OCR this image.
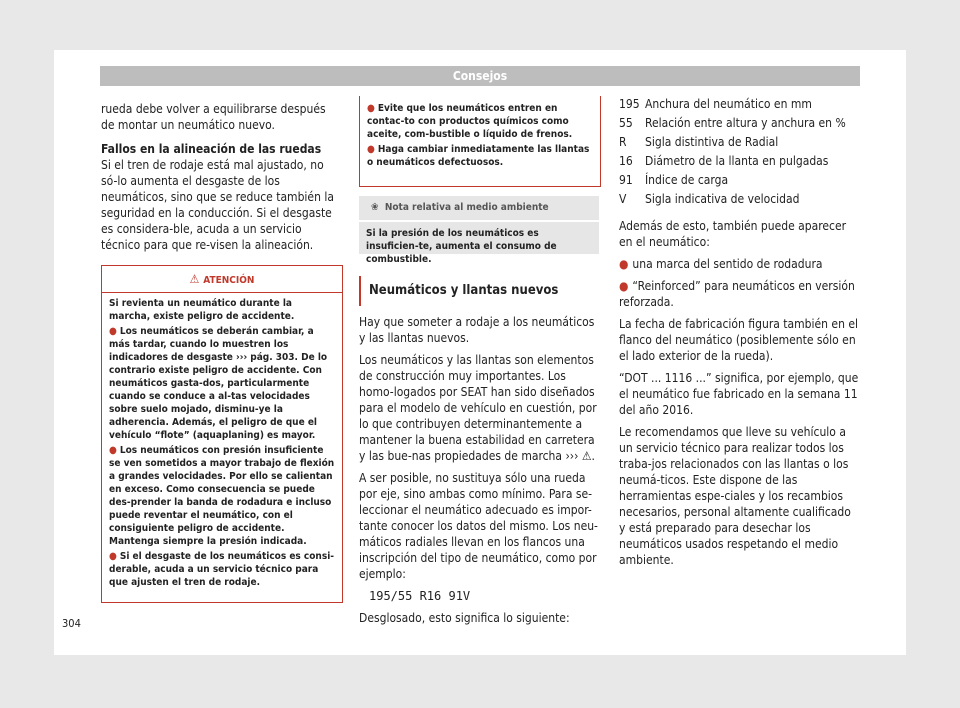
Consejos

rueda debe volver a equilibrarse después de montar un neumático nuevo.

Fallos en la alineación de las ruedas

Si el tren de rodaje está mal ajustado, no só-lo aumenta el desgaste de los neumáticos, sino que se reduce también la seguridad en la conducción. Si el desgaste es considera-ble, acuda a un servicio técnico para que re-visen la alineación.

⚠ ATENCIÓN

Si revienta un neumático durante la marcha, existe peligro de accidente.

● Los neumáticos se deberán cambiar, a más tardar, cuando lo muestren los indicadores de desgaste ››› pág. 303. De lo contrario existe peligro de accidente. Con neumáticos gasta-dos, particularmente cuando se conduce a al-tas velocidades sobre suelo mojado, disminu-ye la adherencia. Además, el peligro de que el vehículo “flote” (aquaplaning) es mayor.

● Los neumáticos con presión insuficiente se ven sometidos a mayor trabajo de flexión a grandes velocidades. Por ello se calientan en exceso. Como consecuencia se puede des-prender la banda de rodadura e incluso puede reventar el neumático, con el consiguiente peligro de accidente. Mantenga siempre la presión indicada.

● Si el desgaste de los neumáticos es consi-derable, acuda a un servicio técnico para que ajusten el tren de rodaje.

● Evite que los neumáticos entren en contac-to con productos químicos como aceite, com-bustible o líquido de frenos.

● Haga cambiar inmediatamente las llantas o neumáticos defectuosos.

❀ Nota relativa al medio ambiente
Si la presión de los neumáticos es insuficien-te, aumenta el consumo de combustible.
Neumáticos y llantas nuevos

Hay que someter a rodaje a los neumáticos y las llantas nuevos.

Los neumáticos y las llantas son elementos de construcción muy importantes. Los homo-logados por SEAT han sido diseñados para el modelo de vehículo en cuestión, por lo que contribuyen determinantemente a mantener la buena estabilidad en carretera y las bue-nas propiedades de marcha ››› ⚠.

A ser posible, no sustituya sólo una rueda por eje, sino ambas como mínimo. Para se-leccionar el neumático adecuado es impor-tante conocer los datos del mismo. Los neu-máticos radiales llevan en los flancos una inscripción del tipo de neumático, como por ejemplo:

195/55 R16 91V

Desglosado, esto significa lo siguiente:

195	Anchura del neumático en mm
55	Relación entre altura y anchura en %
R	Sigla distintiva de Radial
16	Diámetro de la llanta en pulgadas
91	Índice de carga
V	Sigla indicativa de velocidad

Además de esto, también puede aparecer en el neumático:

● una marca del sentido de rodadura

● “Reinforced” para neumáticos en versión reforzada.

La fecha de fabricación figura también en el flanco del neumático (posiblemente sólo en el lado exterior de la rueda).

“DOT ... 1116 ...” significa, por ejemplo, que el neumático fue fabricado en la semana 11 del año 2016.

Le recomendamos que lleve su vehículo a un servicio técnico para realizar todos los traba-jos relacionados con las llantas o los neumá-ticos. Este dispone de las herramientas espe-ciales y los recambios necesarios, personal altamente cualificado y está preparado para desechar los neumáticos usados respetando el medio ambiente.

304
